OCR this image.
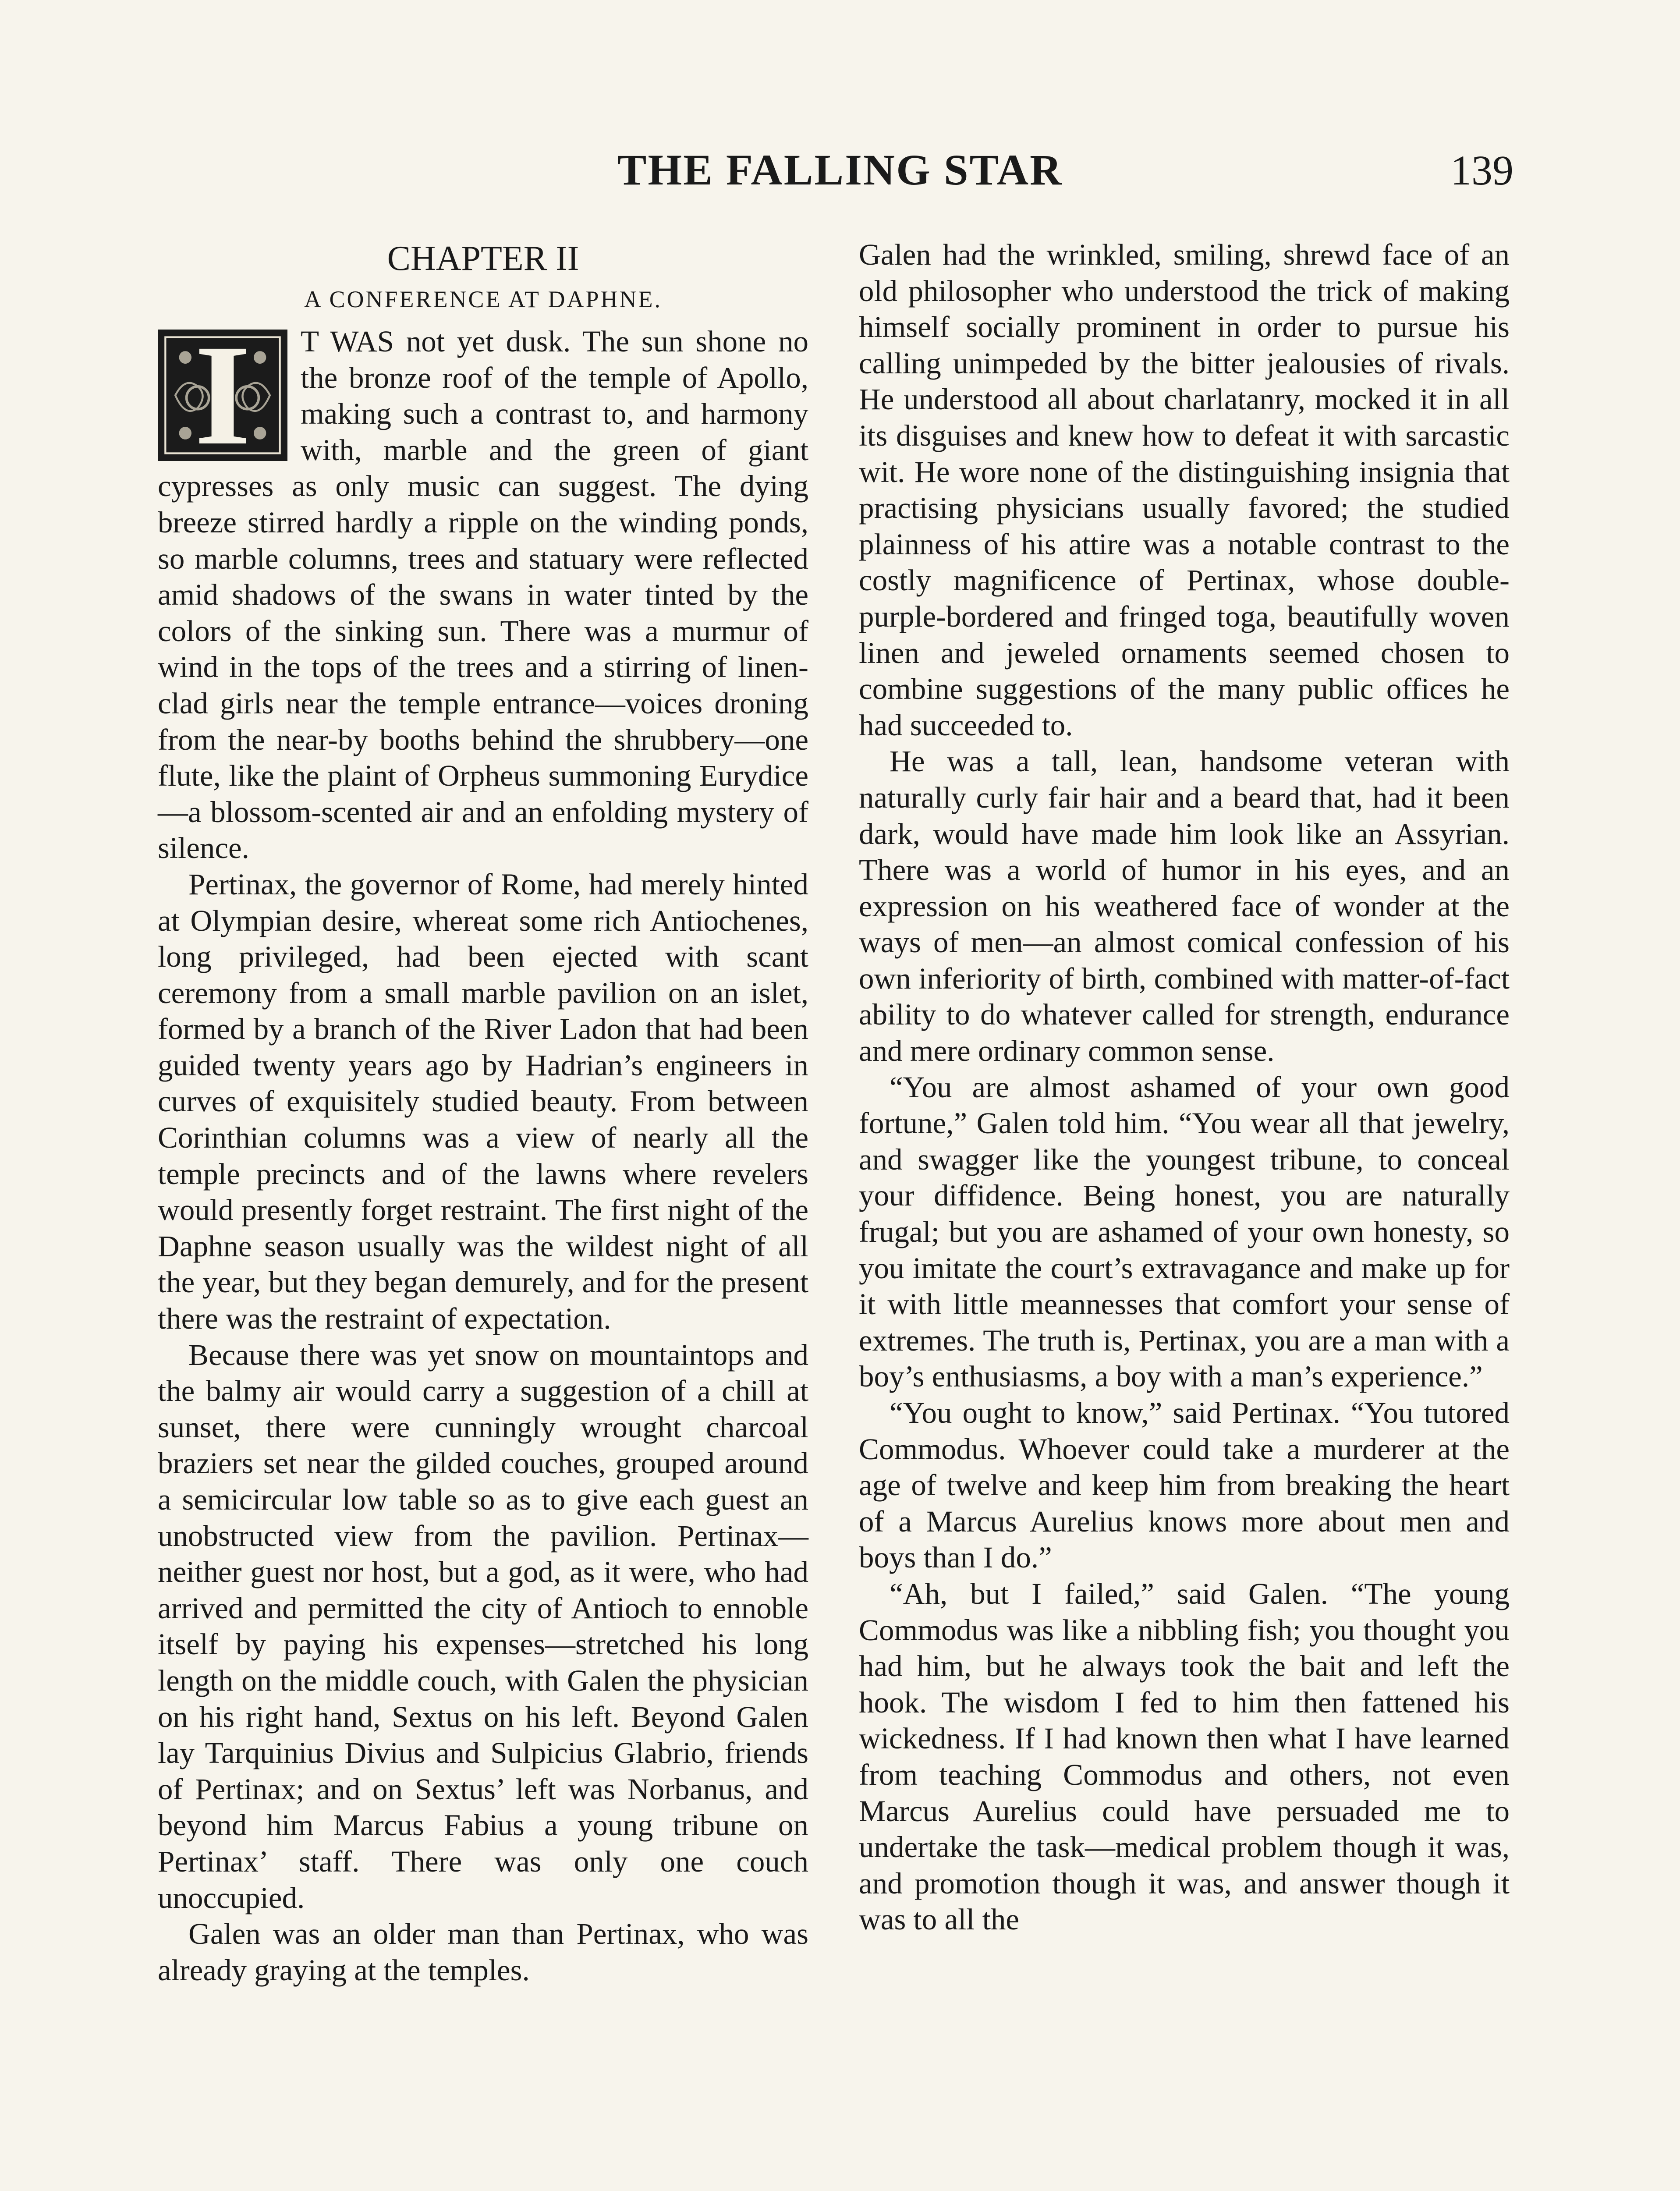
THE FALLING STAR	139
CHAPTER II
A CONFERENCE AT DAPHNE.
I	T WAS not yet dusk. The sun shone no the bronze roof of the temple of Apollo, making such a contrast to, and harmony with, marble and the green of giant cypresses as only music can suggest. The dying breeze stirred hardly a ripple on the winding ponds, so marble columns, trees and statuary were reflected amid shadows of the swans in water tinted by the colors of the sinking sun. There was a murmur of wind in the tops of the trees and a stirring of linen-clad girls near the temple entrance—voices droning from the near-by booths behind the shrubbery—one flute, like the plaint of Orpheus summoning Eurydice—a blossom-scented air and an enfolding mystery of silence.

Pertinax, the governor of Rome, had merely hinted at Olympian desire, whereat some rich Antiochenes, long privileged, had been ejected with scant ceremony from a small marble pavilion on an islet, formed by a branch of the River Ladon that had been guided twenty years ago by Hadrian’s engineers in curves of exquisitely studied beauty. From between Corinthian columns was a view of nearly all the temple precincts and of the lawns where revelers would presently forget restraint. The first night of the Daphne season usually was the wildest night of all the year, but they began demurely, and for the present there was the restraint of expectation.

Because there was yet snow on mountaintops and the balmy air would carry a suggestion of a chill at sunset, there were cunningly wrought charcoal braziers set near the gilded couches, grouped around a semicircular low table so as to give each guest an unobstructed view from the pavilion. Pertinax—neither guest nor host, but a god, as it were, who had arrived and permitted the city of Antioch to ennoble itself by paying his expenses—stretched his long length on the middle couch, with Galen the physician on his right hand, Sextus on his left. Beyond Galen lay Tarquinius Divius and Sulpicius Glabrio, friends of Pertinax; and on Sextus’ left was Norbanus, and beyond him Marcus Fabius a young tribune on Pertinax’ staff. There was only one couch unoccupied.

Galen was an older man than Pertinax, who was already graying at the temples.

Galen had the wrinkled, smiling, shrewd face of an old philosopher who understood the trick of making himself socially prominent in order to pursue his calling unimpeded by the bitter jealousies of rivals. He understood all about charlatanry, mocked it in all its disguises and knew how to defeat it with sarcastic wit. He wore none of the distinguishing insignia that practising physicians usually favored; the studied plainness of his attire was a notable contrast to the costly magnificence of Pertinax, whose double-purple-bordered and fringed toga, beautifully woven linen and jeweled ornaments seemed chosen to combine suggestions of the many public offices he had succeeded to.

He was a tall, lean, handsome veteran with naturally curly fair hair and a beard that, had it been dark, would have made him look like an Assyrian. There was a world of humor in his eyes, and an expression on his weathered face of wonder at the ways of men—an almost comical confession of his own inferiority of birth, combined with matter-of-fact ability to do whatever called for strength, endurance and mere ordinary common sense.

“You are almost ashamed of your own good fortune,” Galen told him. “You wear all that jewelry, and swagger like the youngest tribune, to conceal your diffidence. Being honest, you are naturally frugal; but you are ashamed of your own honesty, so you imitate the court’s extravagance and make up for it with little meannesses that comfort your sense of extremes. The truth is, Pertinax, you are a man with a boy’s enthusiasms, a boy with a man’s experience.”

“You ought to know,” said Pertinax. “You tutored Commodus. Whoever could take a murderer at the age of twelve and keep him from breaking the heart of a Marcus Aurelius knows more about men and boys than I do.”

“Ah, but I failed,” said Galen. “The young Commodus was like a nibbling fish; you thought you had him, but he always took the bait and left the hook. The wisdom I fed to him then fattened his wickedness. If I had known then what I have learned from teaching Commodus and others, not even Marcus Aurelius could have persuaded me to undertake the task—medical problem though it was, and promotion though it was, and answer though it was to all the
